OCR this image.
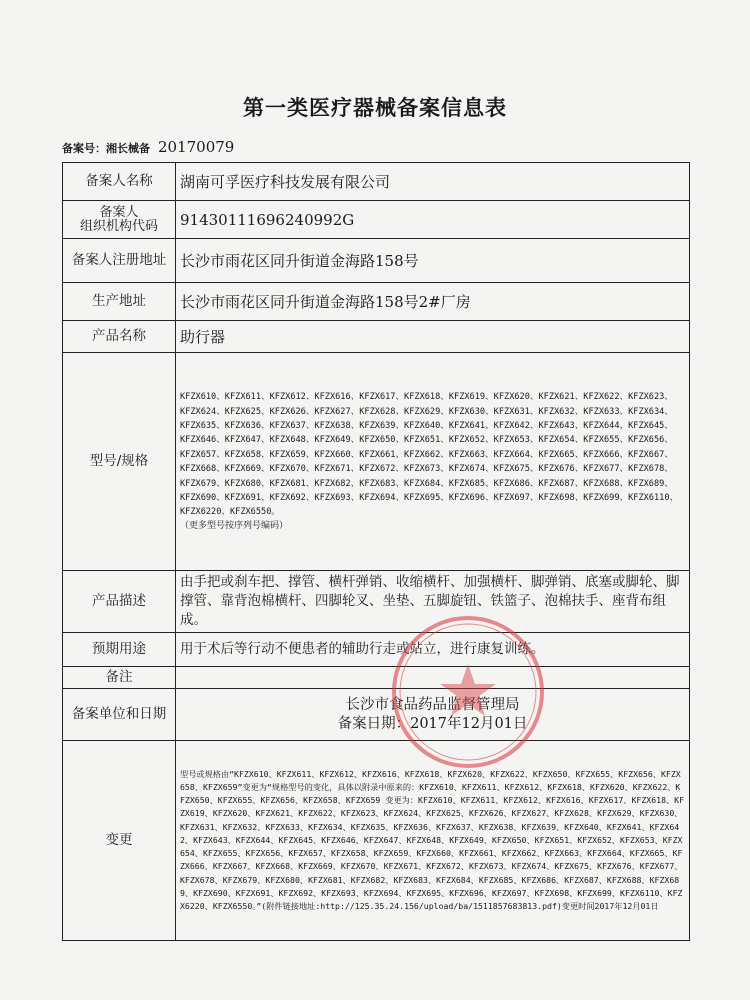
第一类医疗器械备案信息表
备案号：湘长械备 20170079
备案人名称	湖南可孚医疗科技发展有限公司
备案人
组织机构代码	91430111696240992G
备案人注册地址	长沙市雨花区同升街道金海路158号
生产地址	长沙市雨花区同升街道金海路158号2#厂房
产品名称	助行器
型号/规格	KFZX610、KFZX611、KFZX612、KFZX616、KFZX617、KFZX618、KFZX619、KFZX620、KFZX621、KFZX622、KFZX623、KFZX624、KFZX625、KFZX626、KFZX627、KFZX628、KFZX629、KFZX630、KFZX631、KFZX632、KFZX633、KFZX634、KFZX635、KFZX636、KFZX637、KFZX638、KFZX639、KFZX640、KFZX641、KFZX642、KFZX643、KFZX644、KFZX645、KFZX646、KFZX647、KFZX648、KFZX649、KFZX650、KFZX651、KFZX652、KFZX653、KFZX654、KFZX655、KFZX656、KFZX657、KFZX658、KFZX659、KFZX660、KFZX661、KFZX662、KFZX663、KFZX664、KFZX665、KFZX666、KFZX667、KFZX668、KFZX669、KFZX670、KFZX671、KFZX672、KFZX673、KFZX674、KFZX675、KFZX676、KFZX677、KFZX678、KFZX679、KFZX680、KFZX681、KFZX682、KFZX683、KFZX684、KFZX685、KFZX686、KFZX687、KFZX688、KFZX689、KFZX690、KFZX691、KFZX692、KFZX693、KFZX694、KFZX695、KFZX696、KFZX697、KFZX698、KFZX699、KFZX6110、KFZX6220、KFZX6550。
（更多型号按序列号编码）

产品描述	由手把或刹车把、撑管、横杆弹销、收缩横杆、加强横杆、脚弹销、底塞或脚轮、脚撑管、靠背泡棉横杆、四脚轮叉、坐垫、五脚旋钮、铁篮子、泡棉扶手、座背布组成。
预期用途	用于术后等行动不便患者的辅助行走或站立，进行康复训练。
备注	
备案单位和日期	长沙市食品药品监督管理局
备案日期：2017年12月01日

变更	型号或规格由“KFZX610、KFZX611、KFZX612、KFZX616、KFZX618、KFZX620、KFZX622、KFZX650、KFZX655、KFZX656、KFZX658、KFZX659”变更为“规格型号的变化，具体以附录中原来的：KFZX610、KFZX611、KFZX612、KFZX618、KFZX620、KFZX622、KFZX650、KFZX655、KFZX656、KFZX658、KFZX659 变更为：KFZX610、KFZX611、KFZX612、KFZX616、KFZX617、KFZX618、KFZX619、KFZX620、KFZX621、KFZX622、KFZX623、KFZX624、KFZX625、KFZX626、KFZX627、KFZX628、KFZX629、KFZX630、KFZX631、KFZX632、KFZX633、KFZX634、KFZX635、KFZX636、KFZX637、KFZX638、KFZX639、KFZX640、KFZX641、KFZX642、KFZX643、KFZX644、KFZX645、KFZX646、KFZX647、KFZX648、KFZX649、KFZX650、KFZX651、KFZX652、KFZX653、KFZX654、KFZX655、KFZX656、KFZX657、KFZX658、KFZX659、KFZX660、KFZX661、KFZX662、KFZX663、KFZX664、KFZX665、KFZX666、KFZX667、KFZX668、KFZX669、KFZX670、KFZX671、KFZX672、KFZX673、KFZX674、KFZX675、KFZX676、KFZX677、KFZX678、KFZX679、KFZX680、KFZX681、KFZX682、KFZX683、KFZX684、KFZX685、KFZX686、KFZX687、KFZX688、KFZX689、KFZX690、KFZX691、KFZX692、KFZX693、KFZX694、KFZX695、KFZX696、KFZX697、KFZX698、KFZX699、KFZX6110、KFZX6220、KFZX6550。”(附件链接地址:http://125.35.24.156/upload/ba/1511857683813.pdf)变更时间2017年12月01日
